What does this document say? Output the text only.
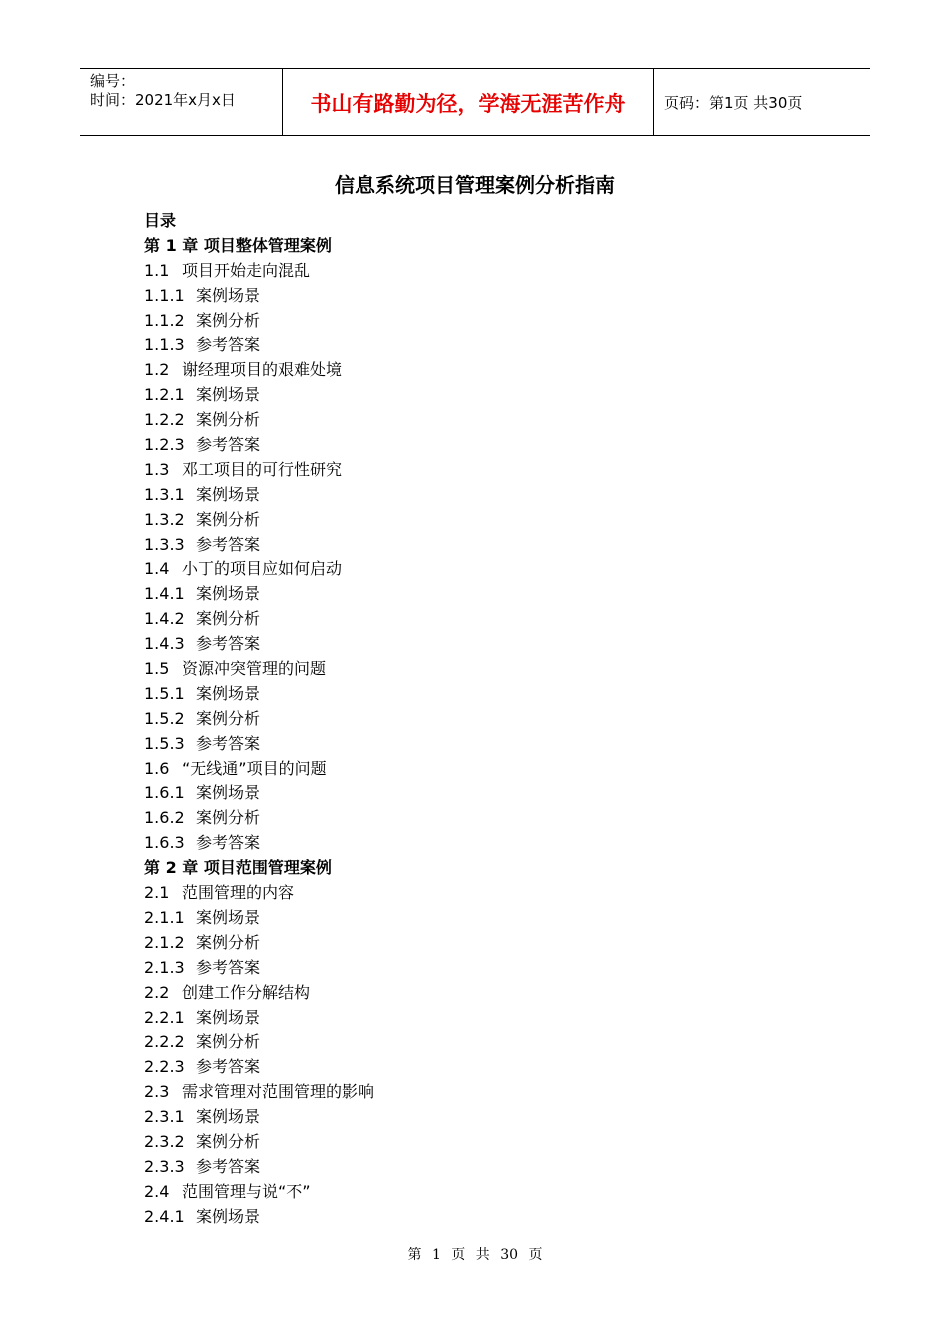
编号：
时间：2021年x月x日	书山有路勤为径，学海无涯苦作舟	页码：第1页 共30页
信息系统项目管理案例分析指南
目录
第 1 章 项目整体管理案例
1.1 项目开始走向混乱
1.1.1 案例场景
1.1.2 案例分析
1.1.3 参考答案
1.2 谢经理项目的艰难处境
1.2.1 案例场景
1.2.2 案例分析
1.2.3 参考答案
1.3 邓工项目的可行性研究
1.3.1 案例场景
1.3.2 案例分析
1.3.3 参考答案
1.4 小丁的项目应如何启动
1.4.1 案例场景
1.4.2 案例分析
1.4.3 参考答案
1.5 资源冲突管理的问题
1.5.1 案例场景
1.5.2 案例分析
1.5.3 参考答案
1.6 “无线通”项目的问题
1.6.1 案例场景
1.6.2 案例分析
1.6.3 参考答案
第 2 章 项目范围管理案例
2.1 范围管理的内容
2.1.1 案例场景
2.1.2 案例分析
2.1.3 参考答案
2.2 创建工作分解结构
2.2.1 案例场景
2.2.2 案例分析
2.2.3 参考答案
2.3 需求管理对范围管理的影响
2.3.1 案例场景
2.3.2 案例分析
2.3.3 参考答案
2.4 范围管理与说“不”
2.4.1 案例场景
第 1 页 共 30 页
